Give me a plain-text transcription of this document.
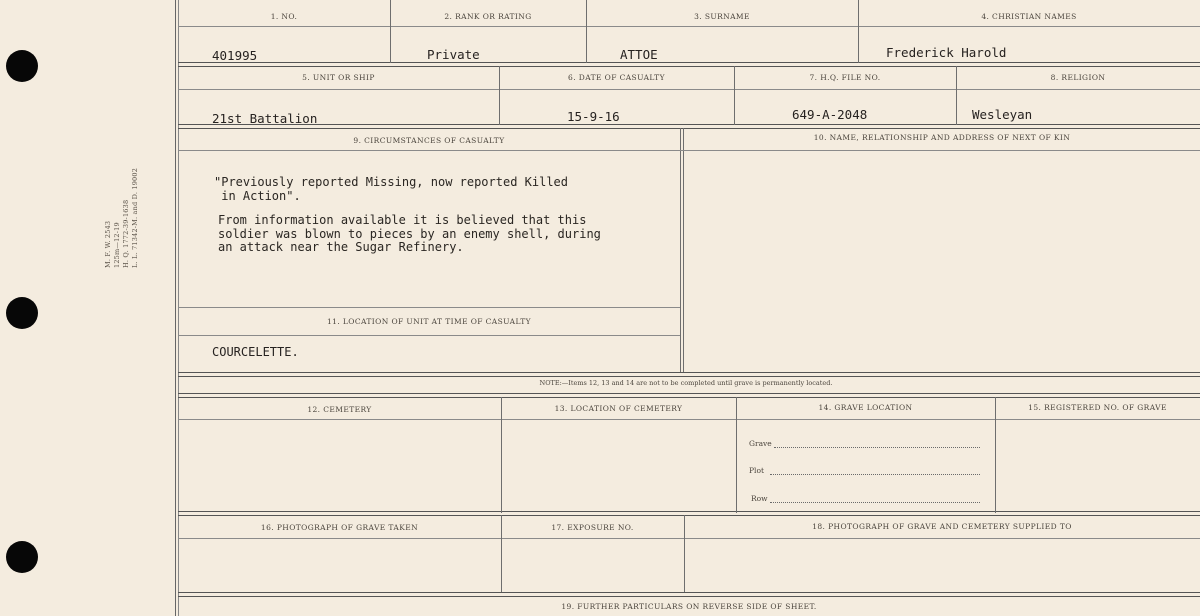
M. F. W. 2543 125m—12-19 H. Q. 1772-39-1638 L. L. 71342-M. and D. 19002
1. NO.	2. RANK OR RATING	3. SURNAME	4. CHRISTIAN NAMES
401995	Private	ATTOE	Frederick Harold
5. UNIT OR SHIP	6. DATE OF CASUALTY	7. H.Q. FILE NO.	8. RELIGION
21st Battalion	15-9-16	649-A-2048	Wesleyan
9. CIRCUMSTANCES OF CASUALTY	10. NAME, RELATIONSHIP AND ADDRESS OF NEXT OF KIN
"Previously reported Missing, now reported Killed
in Action".
From information available it is believed that this
soldier was blown to pieces by an enemy shell, during
an attack near the Sugar Refinery.
11. LOCATION OF UNIT AT TIME OF CASUALTY
COURCELETTE.
NOTE:—Items 12, 13 and 14 are not to be completed until grave is permanently located.
12. CEMETERY	13. LOCATION OF CEMETERY	14. GRAVE LOCATION	15. REGISTERED NO. OF GRAVE
Grave
Plot
Row
16. PHOTOGRAPH OF GRAVE TAKEN	17. EXPOSURE NO.	18. PHOTOGRAPH OF GRAVE AND CEMETERY SUPPLIED TO
19. FURTHER PARTICULARS ON REVERSE SIDE OF SHEET.
